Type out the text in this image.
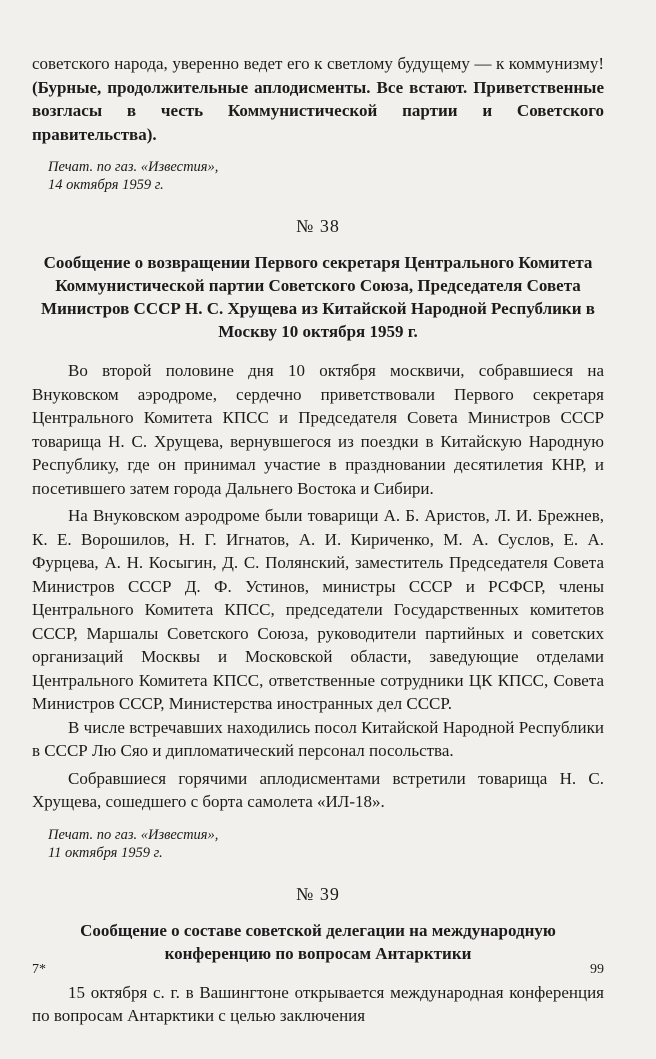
советского народа, уверенно ведет его к светлому будущему — к коммунизму! (Бурные, продолжительные аплодисменты. Все встают. Приветственные возгласы в честь Коммунистической партии и Советского правительства).

Печат. по газ. «Известия»,
14 октября 1959 г.
№ 38
Сообщение о возвращении Первого секретаря Центрального Комитета Коммунистической партии Советского Союза, Председателя Совета Министров СССР Н. С. Хрущева из Китайской Народной Республики в Москву 10 октября 1959 г.

Во второй половине дня 10 октября москвичи, собравшиеся на Внуковском аэродроме, сердечно приветствовали Первого секретаря Центрального Комитета КПСС и Председателя Совета Министров СССР товарища Н. С. Хрущева, вернувшегося из поездки в Китайскую Народную Республику, где он принимал участие в праздновании десятилетия КНР, и посетившего затем города Дальнего Востока и Сибири.

На Внуковском аэродроме были товарищи А. Б. Аристов, Л. И. Брежнев, К. Е. Ворошилов, Н. Г. Игнатов, А. И. Кириченко, М. А. Суслов, Е. А. Фурцева, А. Н. Косыгин, Д. С. Полянский, заместитель Председателя Совета Министров СССР Д. Ф. Устинов, министры СССР и РСФСР, члены Центрального Комитета КПСС, председатели Государственных комитетов СССР, Маршалы Советского Союза, руководители партийных и советских организаций Москвы и Московской области, заведующие отделами Центрального Комитета КПСС, ответственные сотрудники ЦК КПСС, Совета Министров СССР, Министерства иностранных дел СССР.

В числе встречавших находились посол Китайской Народной Республики в СССР Лю Сяо и дипломатический персонал посольства.

Собравшиеся горячими аплодисментами встретили товарища Н. С. Хрущева, сошедшего с борта самолета «ИЛ-18».

Печат. по газ. «Известия»,
11 октября 1959 г.
№ 39
Сообщение о составе советской делегации на международную конференцию по вопросам Антарктики

15 октября с. г. в Вашингтоне открывается международная конференция по вопросам Антарктики с целью заключения

7*	99
